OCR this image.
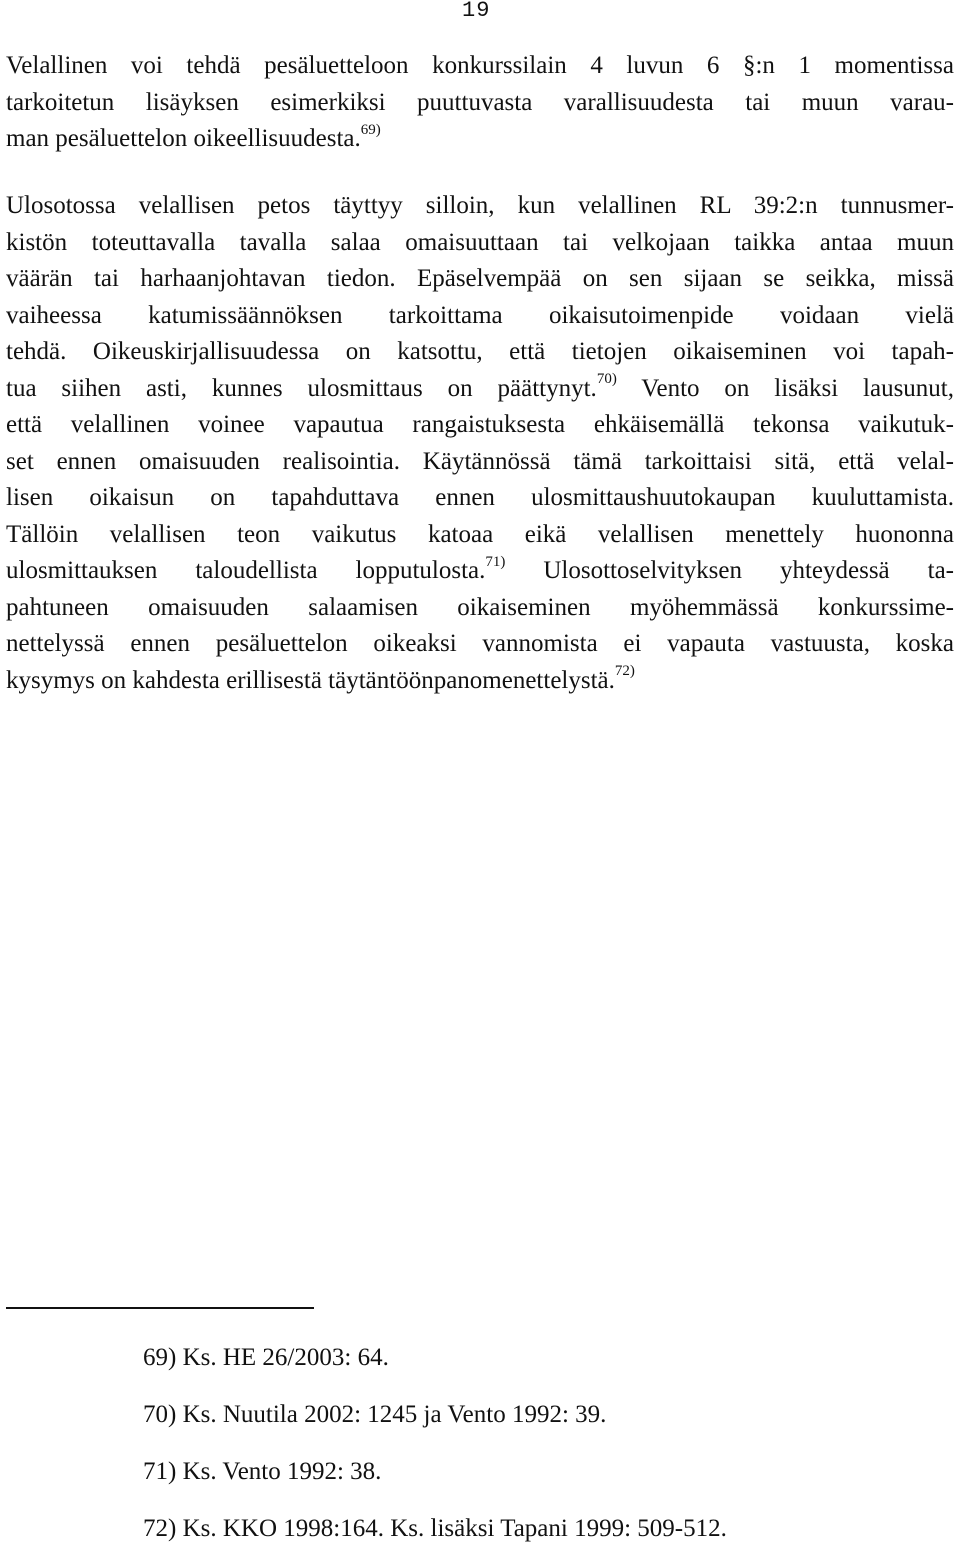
19

Velallinen voi tehdä pesäluetteloon konkurssilain 4 luvun 6 §:n 1 momentissa
tarkoitetun lisäyksen esimerkiksi puuttuvasta varallisuudesta tai muun varau-
man pesäluettelon oikeellisuudesta.$^{69)}$

Ulosotossa velallisen petos täyttyy silloin, kun velallinen RL 39:2:n tunnusmer-
kistön toteuttavalla tavalla salaa omaisuuttaan tai velkojaan taikka antaa muun
väärän tai harhaanjohtavan tiedon. Epäselvempää on sen sijaan se seikka, missä
vaiheessa katumissäännöksen tarkoittama oikaisutoimenpide voidaan vielä
tehdä. Oikeuskirjallisuudessa on katsottu, että tietojen oikaiseminen voi tapah-
tua siihen asti, kunnes ulosmittaus on päättynyt.$^{70)}$ Vento on lisäksi lausunut,
että velallinen voinee vapautua rangaistuksesta ehkäisemällä tekonsa vaikutuk-
set ennen omaisuuden realisointia. Käytännössä tämä tarkoittaisi sitä, että velal-
lisen oikaisun on tapahduttava ennen ulosmittaushuutokaupan kuuluttamista.
Tällöin velallisen teon vaikutus katoaa eikä velallisen menettely huononna
ulosmittauksen taloudellista lopputulosta.$^{71)}$ Ulosottoselvityksen yhteydessä ta-
pahtuneen omaisuuden salaamisen oikaiseminen myöhemmässä konkurssime-
nettelyssä ennen pesäluettelon oikeaksi vannomista ei vapauta vastuusta, koska
kysymys on kahdesta erillisestä täytäntöönpanomenettelystä.$^{72)}$

69) Ks. HE 26/2003: 64.

70) Ks. Nuutila 2002: 1245 ja Vento 1992: 39.

71) Ks. Vento 1992: 38.

72) Ks. KKO 1998:164. Ks. lisäksi Tapani 1999: 509-512.
